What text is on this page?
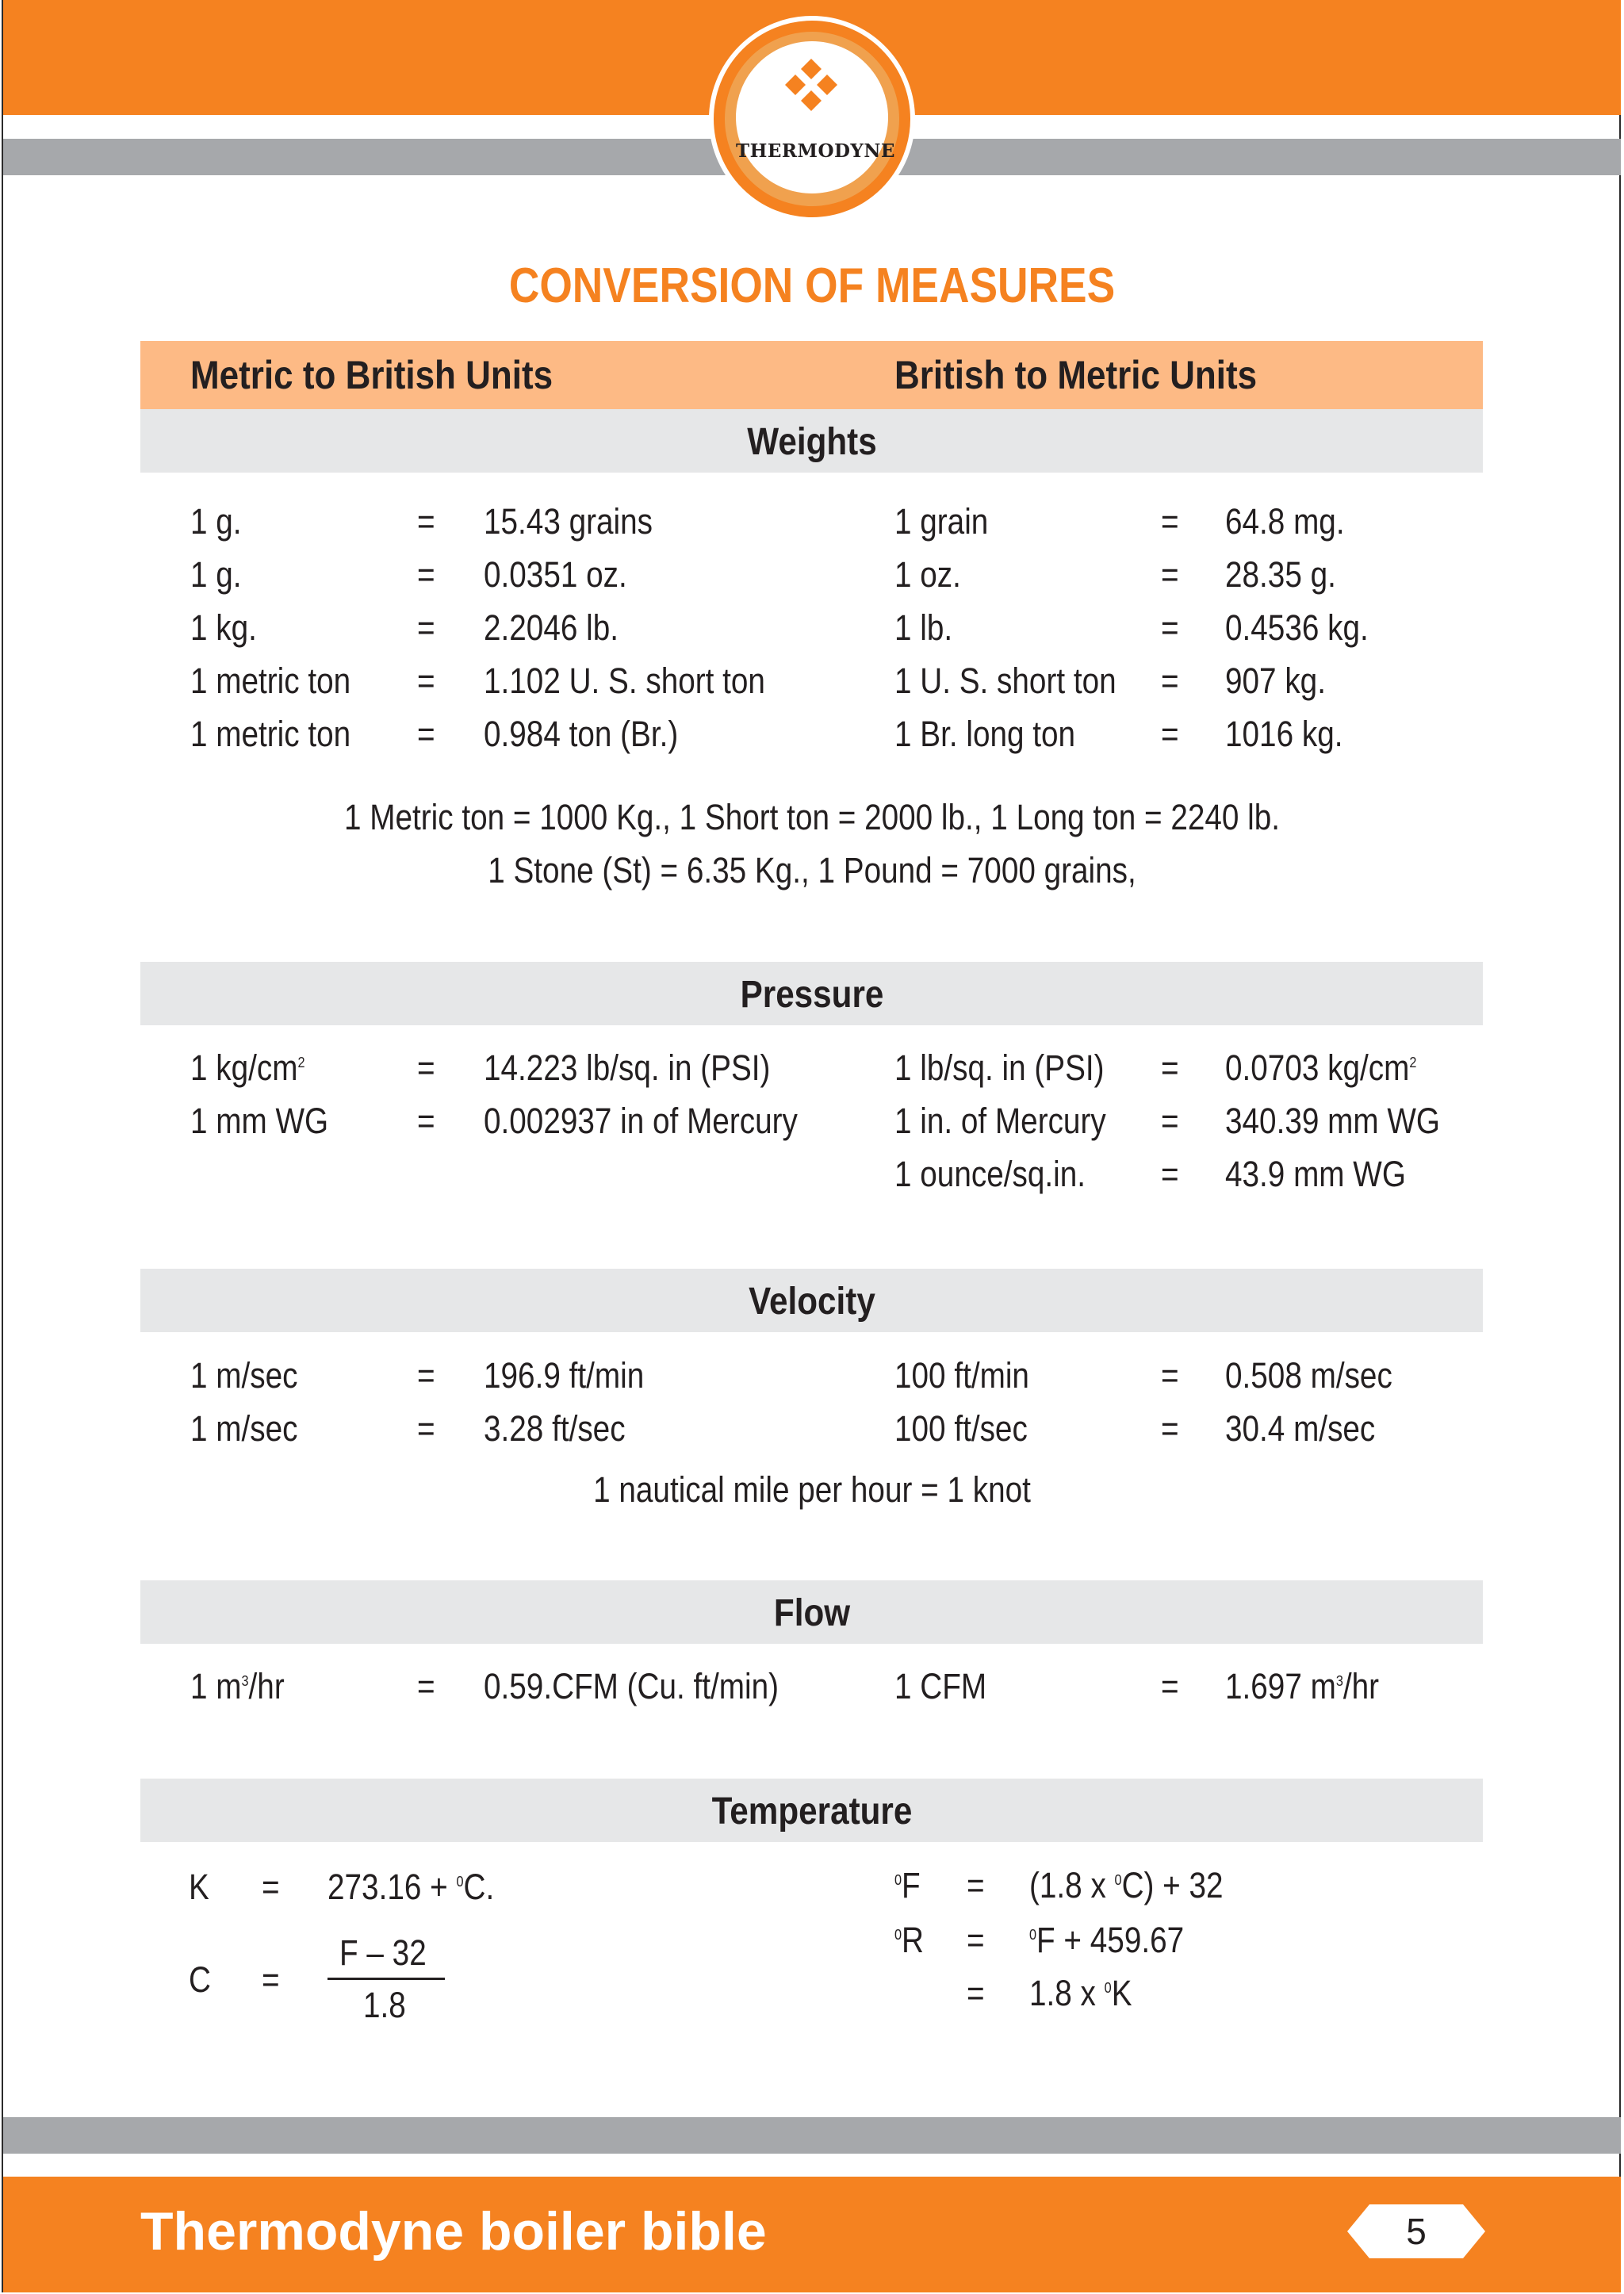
THERMODYNE
CONVERSION OF MEASURES
Metric to British Units	British to Metric Units
Weights
1 g.	= 15.43 grains	1 grain	= 64.8 mg.
1 g.	= 0.0351 oz.	1 oz.	= 28.35 g.
1 kg.	= 2.2046 lb.	1 lb.	= 0.4536 kg.
1 metric ton = 1.102 U. S. short ton	1 U. S. short ton = 907 kg.
1 metric ton = 0.984 ton (Br.)	1 Br. long ton = 1016 kg.
1 Metric ton = 1000 Kg., 1 Short ton = 2000 lb., 1 Long ton = 2240 lb.
1 Stone (St) = 6.35 Kg., 1 Pound = 7000 grains,
Pressure
1 $kg/cm^2$	= 14.223 lb/sq. in (PSI)	1 lb/sq. in (PSI) = 0.0703 $kg/cm^2$
1 mm WG = 0.002937 in of Mercury	1 in. of Mercury = 340.39 mm WG
1 ounce/sq.in. = 43.9 mm WG
Velocity
1 m/sec	= 196.9 ft/min	100 ft/min	= 0.508 m/sec
1 m/sec	= 3.28 ft/sec	100 ft/sec	= 30.4 m/sec
1 nautical mile per hour = 1 knot
Flow
1 $m^3/hr$	= 0.59.CFM (Cu. ft/min)	1 CFM	= 1.697 $m^3/hr$
Temperature
K = 273.16 + $^0$C.
C =
F – 32
1.8
$^0$F = (1.8 x $^0$C) + 32
$^0$R =	$^0$F + 459.67
= 1.8 x $^0$K
Thermodyne boiler bible	5
